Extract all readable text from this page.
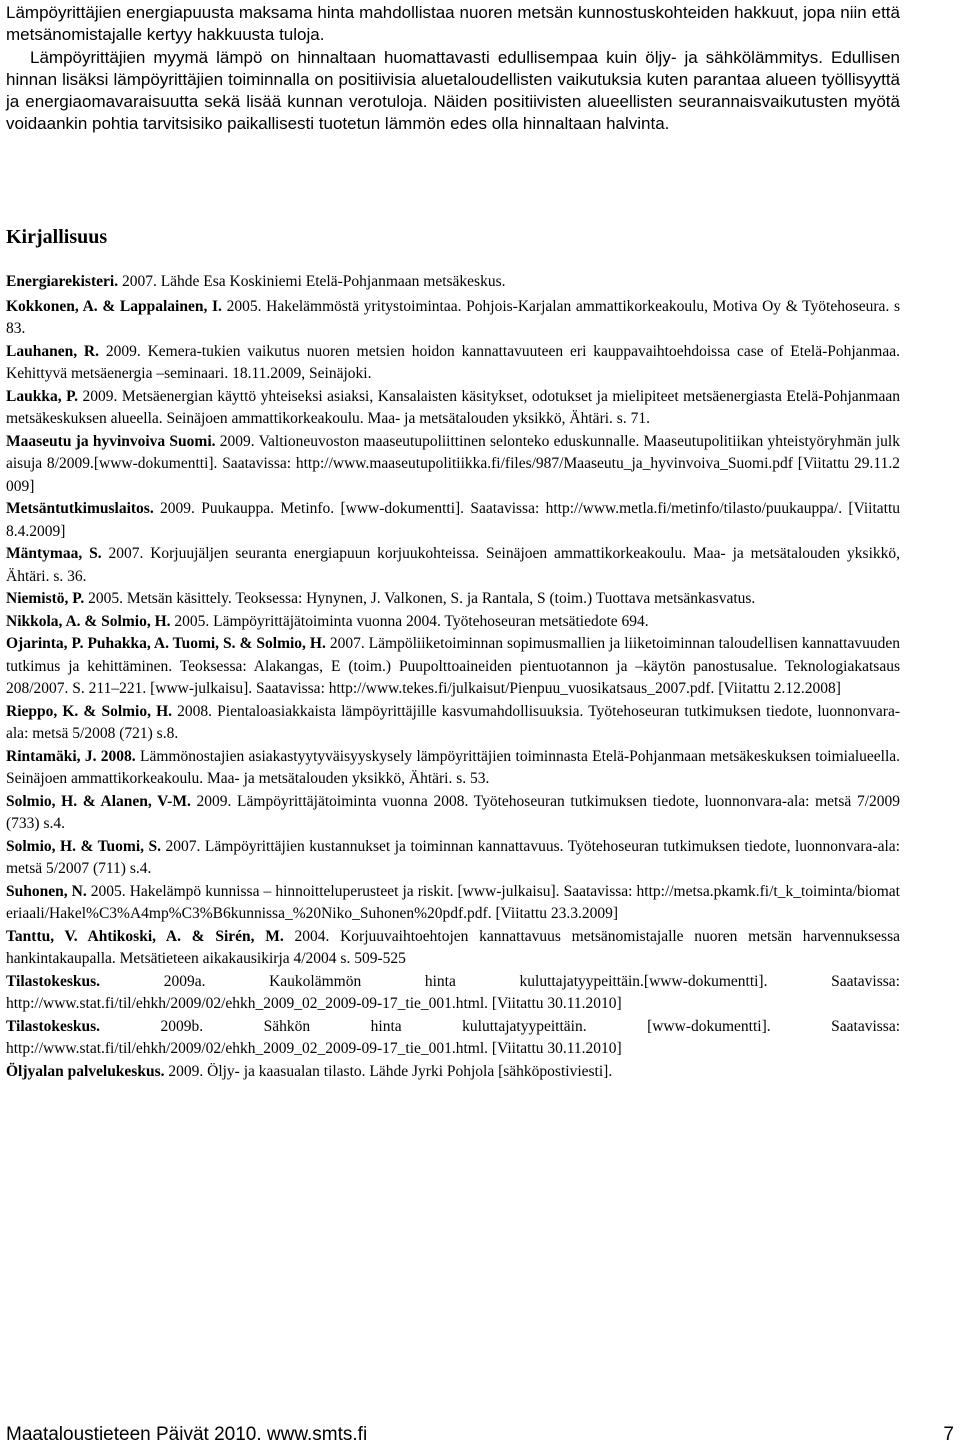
Lämpöyrittäjien energiapuusta maksama hinta mahdollistaa nuoren metsän kunnostuskohteiden hakkuut, jopa niin että metsänomistajalle kertyy hakkuusta tuloja.

Lämpöyrittäjien myymä lämpö on hinnaltaan huomattavasti edullisempaa kuin öljy- ja sähkölämmitys. Edullisen hinnan lisäksi lämpöyrittäjien toiminnalla on positiivisia aluetaloudellisten vaikutuksia kuten parantaa alueen työllisyyttä ja energiaomavaraisuutta sekä lisää kunnan verotuloja. Näiden positiivisten alueellisten seurannaisvaikutusten myötä voidaankin pohtia tarvitsisiko paikallisesti tuotetun lämmön edes olla hinnaltaan halvinta.

Kirjallisuus

Energiarekisteri. 2007. Lähde Esa Koskiniemi Etelä-Pohjanmaan metsäkeskus.

Kokkonen, A. & Lappalainen, I. 2005. Hakelämmöstä yritystoimintaa. Pohjois-Karjalan ammattikorkeakoulu, Motiva Oy & Työtehoseura. s 83.

Lauhanen, R. 2009. Kemera-tukien vaikutus nuoren metsien hoidon kannattavuuteen eri kauppavaihtoehdoissa case of Etelä-Pohjanmaa. Kehittyvä metsäenergia –seminaari. 18.11.2009, Seinäjoki.

Laukka, P. 2009. Metsäenergian käyttö yhteiseksi asiaksi, Kansalaisten käsitykset, odotukset ja mielipiteet metsäenergiasta Etelä-Pohjanmaan metsäkeskuksen alueella. Seinäjoen ammattikorkeakoulu. Maa- ja metsätalouden yksikkö, Ähtäri. s. 71.

Maaseutu ja hyvinvoiva Suomi. 2009. Valtioneuvoston maaseutupoliittinen selonteko eduskunnalle. Maaseutupolitiikan yhteistyöryhmän julkaisuja 8/2009.[www-dokumentti]. Saatavissa: http://www.maaseutupolitiikka.fi/files/987/Maaseutu_ja_hyvinvoiva_Suomi.pdf [Viitattu 29.11.2009]

Metsäntutkimuslaitos. 2009. Puukauppa. Metinfo. [www-dokumentti]. Saatavissa: http://www.metla.fi/metinfo/tilasto/puukauppa/. [Viitattu 8.4.2009]

Mäntymaa, S. 2007. Korjuujäljen seuranta energiapuun korjuukohteissa. Seinäjoen ammattikorkeakoulu. Maa- ja metsätalouden yksikkö, Ähtäri. s. 36.

Niemistö, P. 2005. Metsän käsittely. Teoksessa: Hynynen, J. Valkonen, S. ja Rantala, S (toim.) Tuottava metsänkasvatus.

Nikkola, A. & Solmio, H. 2005. Lämpöyrittäjätoiminta vuonna 2004. Työtehoseuran metsätiedote 694.

Ojarinta, P. Puhakka, A. Tuomi, S. & Solmio, H. 2007. Lämpöliiketoiminnan sopimusmallien ja liiketoiminnan taloudellisen kannattavuuden tutkimus ja kehittäminen. Teoksessa: Alakangas, E (toim.) Puupolttoaineiden pientuotannon ja –käytön panostusalue. Teknologiakatsaus 208/2007. S. 211–221. [www-julkaisu]. Saatavissa: http://www.tekes.fi/julkaisut/Pienpuu_vuosikatsaus_2007.pdf. [Viitattu 2.12.2008]

Rieppo, K. & Solmio, H. 2008. Pientaloasiakkaista lämpöyrittäjille kasvumahdollisuuksia. Työtehoseuran tutkimuksen tiedote, luonnonvara-ala: metsä 5/2008 (721) s.8.

Rintamäki, J. 2008. Lämmönostajien asiakastyytyväisyyskysely lämpöyrittäjien toiminnasta Etelä-Pohjanmaan metsäkeskuksen toimialueella. Seinäjoen ammattikorkeakoulu. Maa- ja metsätalouden yksikkö, Ähtäri. s. 53.

Solmio, H. & Alanen, V-M. 2009. Lämpöyrittäjätoiminta vuonna 2008. Työtehoseuran tutkimuksen tiedote, luonnonvara-ala: metsä 7/2009 (733) s.4.

Solmio, H. & Tuomi, S. 2007. Lämpöyrittäjien kustannukset ja toiminnan kannattavuus. Työtehoseuran tutkimuksen tiedote, luonnonvara-ala: metsä 5/2007 (711) s.4.

Suhonen, N. 2005. Hakelämpö kunnissa – hinnoitteluperusteet ja riskit. [www-julkaisu]. Saatavissa: http://metsa.pkamk.fi/t_k_toiminta/biomateriaali/Hakel%C3%A4mp%C3%B6kunnissa_%20Niko_Suhonen%20pdf.pdf. [Viitattu 23.3.2009]

Tanttu, V. Ahtikoski, A. & Sirén, M. 2004. Korjuuvaihtoehtojen kannattavuus metsänomistajalle nuoren metsän harvennuksessa hankintakaupalla. Metsätieteen aikakausikirja 4/2004 s. 509-525

Tilastokeskus. 2009a. Kaukolämmön hinta kuluttajatyypeittäin.[www-dokumentti]. Saatavissa: http://www.stat.fi/til/ehkh/2009/02/ehkh_2009_02_2009-09-17_tie_001.html. [Viitattu 30.11.2010]

Tilastokeskus. 2009b. Sähkön hinta kuluttajatyypeittäin. [www-dokumentti]. Saatavissa: http://www.stat.fi/til/ehkh/2009/02/ehkh_2009_02_2009-09-17_tie_001.html. [Viitattu 30.11.2010]

Öljyalan palvelukeskus. 2009. Öljy- ja kaasualan tilasto. Lähde Jyrki Pohjola [sähköpostiviesti].

Maataloustieteen Päivät 2010. www.smts.fi	7
